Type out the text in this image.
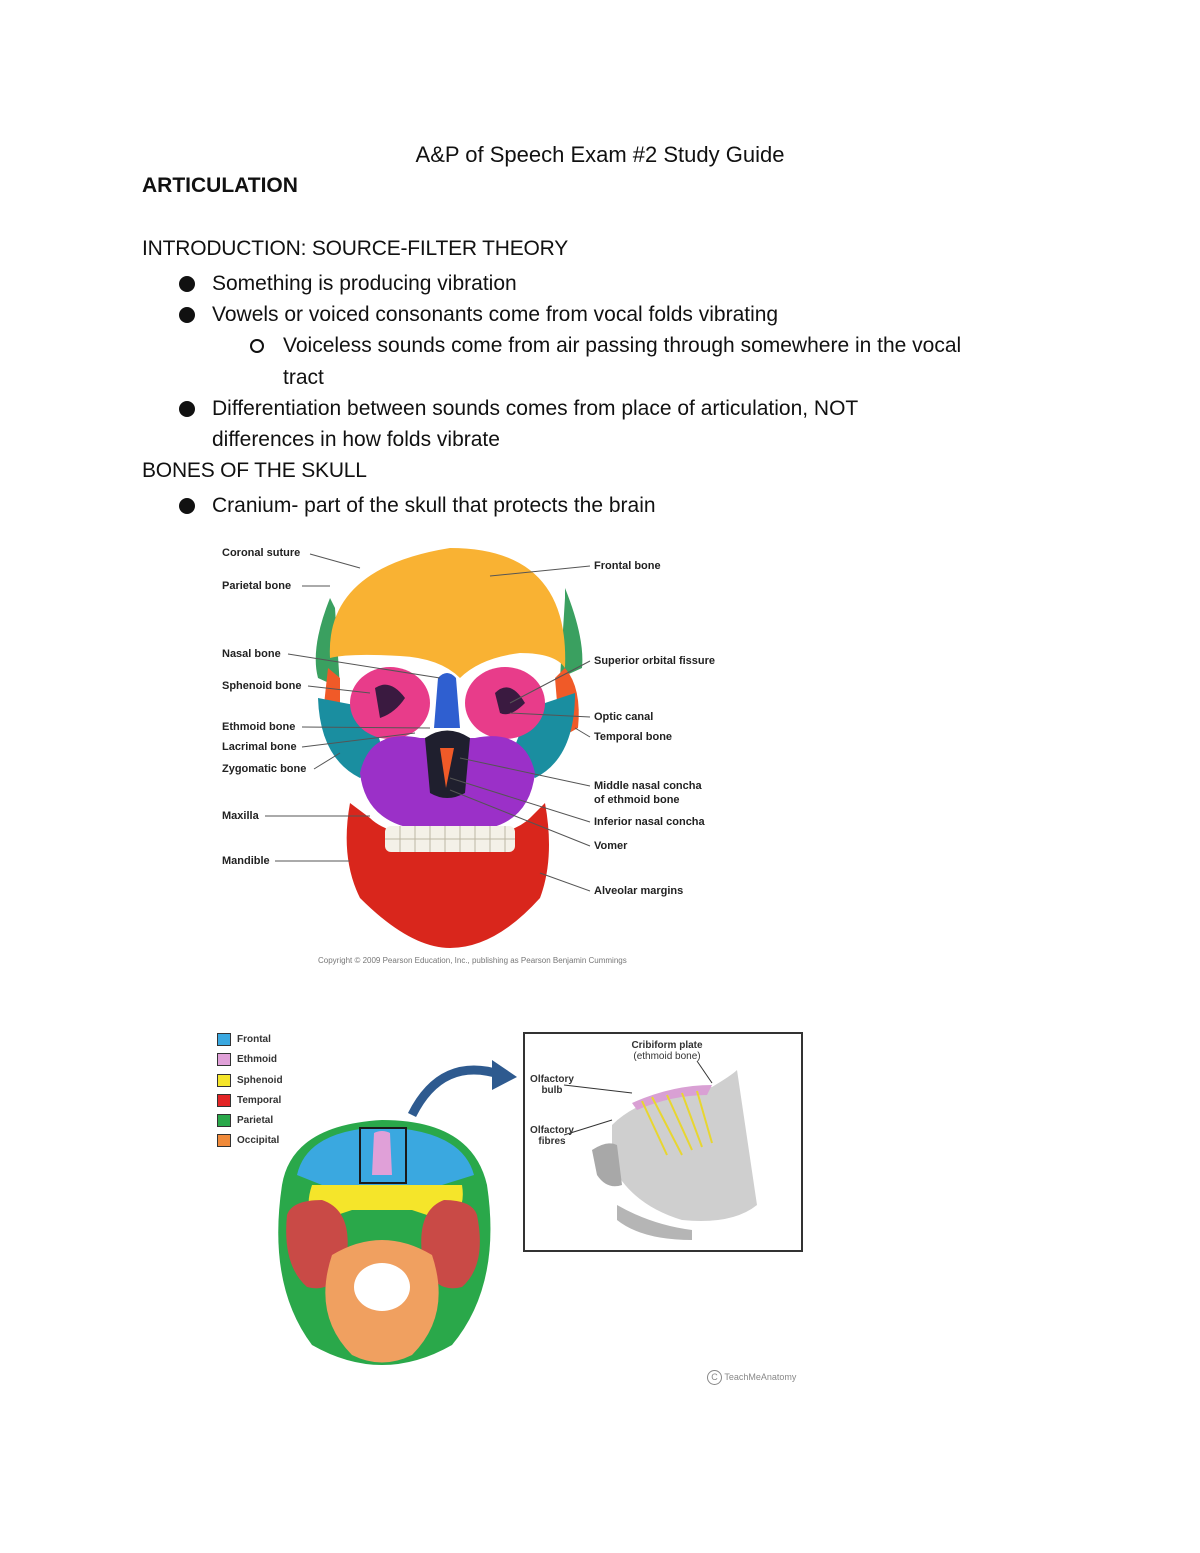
A&P of Speech Exam #2 Study Guide
ARTICULATION
INTRODUCTION: SOURCE-FILTER THEORY
Something is producing vibration
Vowels or voiced consonants come from vocal folds vibrating
Voiceless sounds come from air passing through somewhere in the vocal
tract
Differentiation between sounds comes from place of articulation, NOT
differences in how folds vibrate
BONES OF THE SKULL
Cranium- part of the skull that protects the brain
Coronal suture
Parietal bone
Nasal bone
Sphenoid bone
Ethmoid bone
Lacrimal bone
Zygomatic bone
Maxilla
Mandible
Frontal bone
Superior orbital fissure
Optic canal
Temporal bone
Middle nasal concha
of ethmoid bone
Inferior nasal concha
Vomer
Alveolar margins
Copyright © 2009 Pearson Education, Inc., publishing as Pearson Benjamin Cummings
Frontal
Ethmoid
Sphenoid
Temporal
Parietal
Occipital
Cribiform plate
(ethmoid bone)
Olfactory
bulb
Olfactory
fibres
C TeachMeAnatomy
